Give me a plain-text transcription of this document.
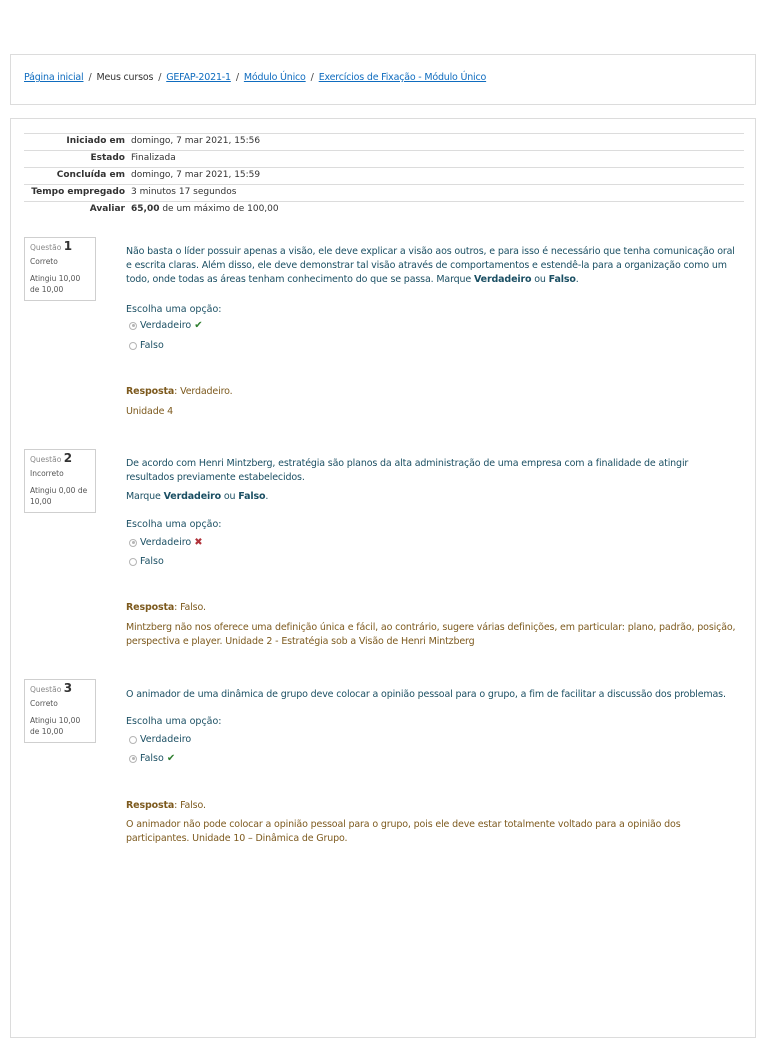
Página inicial / Meus cursos / GEFAP-2021-1 / Módulo Único / Exercícios de Fixação - Módulo Único
Iniciado em	domingo, 7 mar 2021, 15:56
Estado	Finalizada
Concluída em	domingo, 7 mar 2021, 15:59
Tempo empregado	3 minutos 17 segundos
Avaliar	65,00 de um máximo de 100,00
Questão 1
Correto
Atingiu 10,00 de 10,00
Não basta o líder possuir apenas a visão, ele deve explicar a visão aos outros, e para isso é necessário que tenha comunicação oral e escrita claras. Além disso, ele deve demonstrar tal visão através de comportamentos e estendê-la para a organização como um todo, onde todas as áreas tenham conhecimento do que se passa. Marque Verdadeiro ou Falso.
Escolha uma opção:
Verdadeiro ✔
Falso
Resposta: Verdadeiro.
Unidade 4
Questão 2
Incorreto
Atingiu 0,00 de 10,00
De acordo com Henri Mintzberg, estratégia são planos da alta administração de uma empresa com a finalidade de atingir resultados previamente estabelecidos.
Marque Verdadeiro ou Falso.
Escolha uma opção:
Verdadeiro ✖
Falso
Resposta: Falso.
Mintzberg não nos oferece uma definição única e fácil, ao contrário, sugere várias definições, em particular: plano, padrão, posição, perspectiva e player. Unidade 2 - Estratégia sob a Visão de Henri Mintzberg
Questão 3
Correto
Atingiu 10,00 de 10,00
O animador de uma dinâmica de grupo deve colocar a opinião pessoal para o grupo, a fim de facilitar a discussão dos problemas.
Escolha uma opção:
Verdadeiro
Falso ✔
Resposta: Falso.
O animador não pode colocar a opinião pessoal para o grupo, pois ele deve estar totalmente voltado para a opinião dos participantes. Unidade 10 – Dinâmica de Grupo.
